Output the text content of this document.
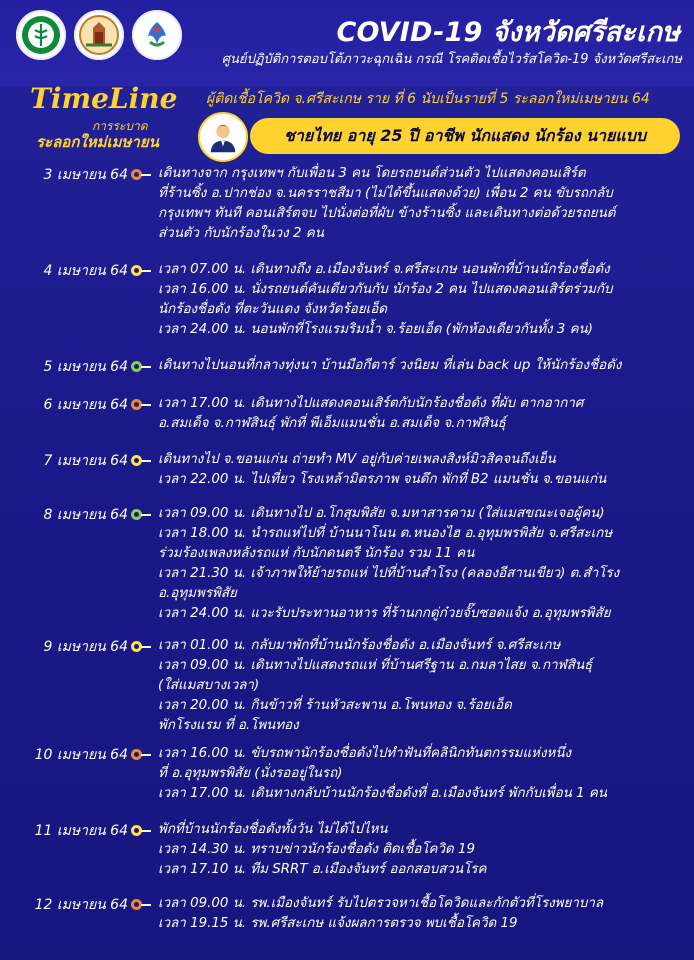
COVID-19 จังหวัดศรีสะเกษ
ศูนย์ปฏิบัติการตอบโต้ภาวะฉุกเฉิน กรณี โรคติดเชื้อไวรัสโควิด-19 จังหวัดศรีสะเกษ
TimeLine
การระบาด
ระลอกใหม่เมษายน
ผู้ติดเชื้อโควิด จ.ศรีสะเกษ ราย ที่ 6 นับเป็นรายที่ 5 ระลอกใหม่เมษายน 64
ชายไทย อายุ 25 ปี อาชีพ นักแสดง นักร้อง นายแบบ
3 เมษายน 64 เดินทางจาก กรุงเทพฯ กับเพื่อน 3 คน โดยรถยนต์ส่วนตัว ไปแสดงคอนเสิร์ต
ที่ร้านซิ้ง อ.ปากช่อง จ.นครราชสีมา (ไม่ได้ขึ้นแสดงด้วย) เพื่อน 2 คน ขับรถกลับ
กรุงเทพฯ ทันที คอนเสิร์ตจบ ไปนั่งต่อที่ผับ ข้างร้านซิ้ง และเดินทางต่อด้วยรถยนต์
ส่วนตัว กับนักร้องในวง 2 คน
4 เมษายน 64 เวลา 07.00 น. เดินทางถึง อ.เมืองจันทร์ จ.ศรีสะเกษ นอนพักที่บ้านนักร้องชื่อดัง
เวลา 16.00 น. นั่งรถยนต์คันเดียวกันกับ นักร้อง 2 คน ไปแสดงคอนเสิร์ตร่วมกับ
นักร้องชื่อดัง ที่ตะวันแดง จังหวัดร้อยเอ็ด
เวลา 24.00 น. นอนพักที่โรงแรมริมน้ำ จ.ร้อยเอ็ด (พักห้องเดียวกันทั้ง 3 คน)
5 เมษายน 64 เดินทางไปนอนที่กลางทุ่งนา บ้านมือกีตาร์ วงนิยม ที่เล่น back up ให้นักร้องชื่อดัง
6 เมษายน 64 เวลา 17.00 น. เดินทางไปแสดงคอนเสิร์ตกับนักร้องชื่อดัง ที่ผับ ตากอากาศ
อ.สมเด็จ จ.กาฬสินธุ์ พักที่ พีเอ็มแมนชั่น อ.สมเด็จ จ.กาฬสินธุ์
7 เมษายน 64 เดินทางไป จ.ขอนแก่น ถ่ายทำ MV อยู่กับค่ายเพลงสิงห์มิวสิคจนถึงเย็น
เวลา 22.00 น. ไปเที่ยว โรงเหล้ามิตรภาพ จนดึก พักที่ B2 แมนชั่น จ.ขอนแก่น
8 เมษายน 64 เวลา 09.00 น. เดินทางไป อ.โกสุมพิสัย จ.มหาสารคาม (ใส่แมสขณะเจอผู้คน)
เวลา 18.00 น. นำรถแห่ไปที่ บ้านนาโนน ต.หนองไฮ อ.อุทุมพรพิสัย จ.ศรีสะเกษ
ร่วมร้องเพลงหลังรถแห่ กับนักดนตรี นักร้อง รวม 11 คน
เวลา 21.30 น. เจ้าภาพให้ย้ายรถแห่ ไปที่บ้านสำโรง (คลองอีสานเขียว) ต.สำโรง
อ.อุทุมพรพิสัย
เวลา 24.00 น. แวะรับประทานอาหาร ที่ร้านกกดู่ก๋วยจั๊บซอดแจ้ง อ.อุทุมพรพิสัย
9 เมษายน 64 เวลา 01.00 น. กลับมาพักที่บ้านนักร้องชื่อดัง อ.เมืองจันทร์ จ.ศรีสะเกษ
เวลา 09.00 น. เดินทางไปแสดงรถแห่ ที่บ้านศรีฐาน อ.กมลาไสย จ.กาฬสินธุ์
(ใส่แมสบางเวลา)
เวลา 20.00 น. กินข้าวที่ ร้านหัวสะพาน อ.โพนทอง จ.ร้อยเอ็ด
พักโรงแรม ที่ อ.โพนทอง
10 เมษายน 64 เวลา 16.00 น. ขับรถพานักร้องชื่อดังไปทำฟันที่คลินิกทันตกรรมแห่งหนึ่ง
ที่ อ.อุทุมพรพิสัย (นั่งรออยู่ในรถ)
เวลา 17.00 น. เดินทางกลับบ้านนักร้องชื่อดังที่ อ.เมืองจันทร์ พักกับเพื่อน 1 คน
11 เมษายน 64 พักที่บ้านนักร้องชื่อดังทั้งวัน ไม่ได้ไปไหน
เวลา 14.30 น. ทราบข่าวนักร้องชื่อดัง ติดเชื้อโควิด 19
เวลา 17.10 น. ทีม SRRT อ.เมืองจันทร์ ออกสอบสวนโรค
12 เมษายน 64 เวลา 09.00 น. รพ.เมืองจันทร์ รับไปตรวจหาเชื้อโควิดและกักตัวที่โรงพยาบาล
เวลา 19.15 น. รพ.ศรีสะเกษ แจ้งผลการตรวจ พบเชื้อโควิด 19
